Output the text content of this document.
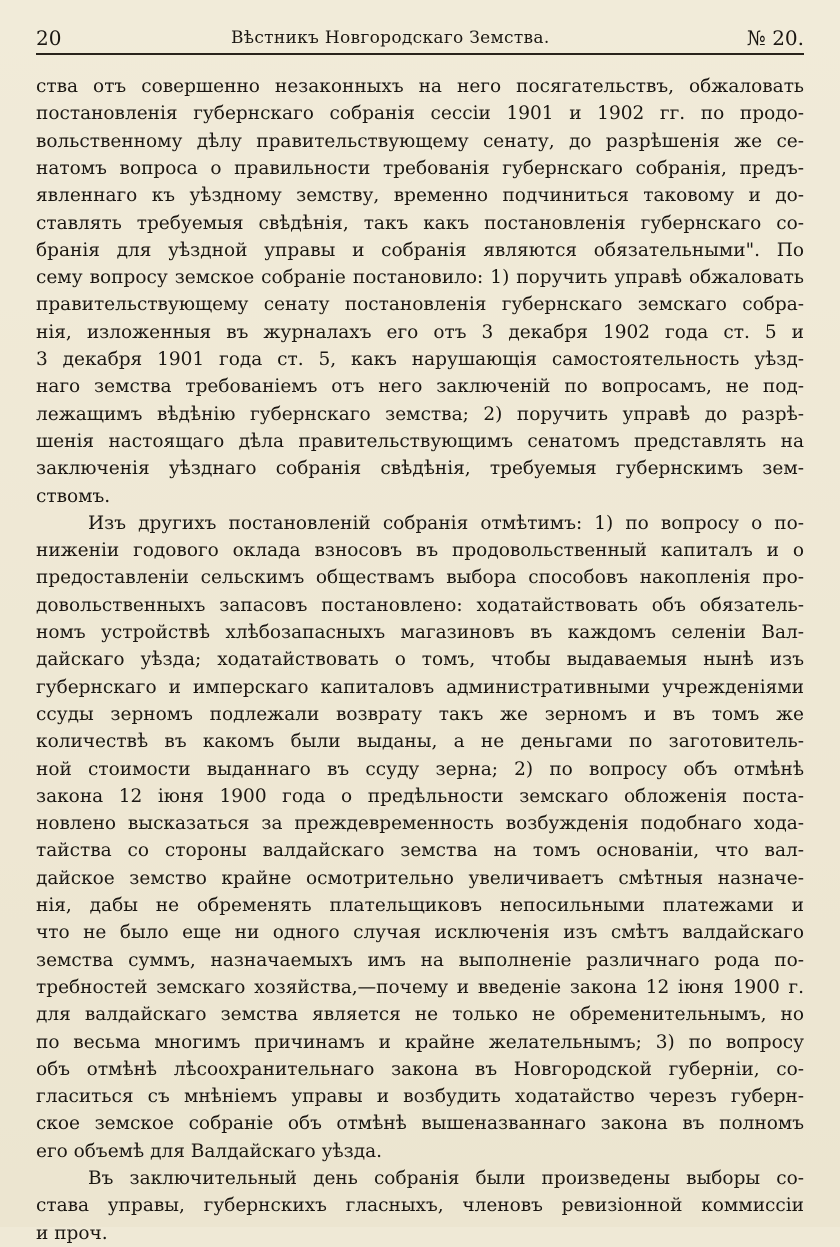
20	Вѣстникъ Новгородскаго Земства.	№ 20.
ства отъ совершенно незаконныхъ на него посягательствъ, обжаловать
постановленія губернскаго собранія сессіи 1901 и 1902 гг. по продо-
вольственному дѣлу правительствующему сенату, до разрѣшенія же се-
натомъ вопроса о правильности требованія губернскаго собранія, предъ-
явленнаго къ уѣздному земству, временно подчиниться таковому и до-
ставлять требуемыя свѣдѣнія, такъ какъ постановленія губернскаго со-
бранія для уѣздной управы и собранія являются обязательными". По
сему вопросу земское собраніе постановило: 1) поручить управѣ обжаловать
правительствующему сенату постановленія губернскаго земскаго собра-
нія, изложенныя въ журналахъ его отъ 3 декабря 1902 года ст. 5 и
3 декабря 1901 года ст. 5, какъ нарушающія самостоятельность уѣзд-
наго земства требованіемъ отъ него заключеній по вопросамъ, не под-
лежащимъ вѣдѣнію губернскаго земства; 2) поручить управѣ до разрѣ-
шенія настоящаго дѣла правительствующимъ сенатомъ представлять на
заключенія уѣзднаго собранія свѣдѣнія, требуемыя губернскимъ зем-
ствомъ.
Изъ другихъ постановленій собранія отмѣтимъ: 1) по вопросу о по-
ниженіи годового оклада взносовъ въ продовольственный капиталъ и о
предоставленіи сельскимъ обществамъ выбора способовъ накопленія про-
довольственныхъ запасовъ постановлено: ходатайствовать объ обязатель-
номъ устройствѣ хлѣбозапасныхъ магазиновъ въ каждомъ селеніи Вал-
дайскаго уѣзда; ходатайствовать о томъ, чтобы выдаваемыя нынѣ изъ
губернскаго и имперскаго капиталовъ административными учрежденіями
ссуды зерномъ подлежали возврату такъ же зерномъ и въ томъ же
количествѣ въ какомъ были выданы, а не деньгами по заготовитель-
ной стоимости выданнаго въ ссуду зерна; 2) по вопросу объ отмѣнѣ
закона 12 іюня 1900 года о предѣльности земскаго обложенія поста-
новлено высказаться за преждевременность возбужденія подобнаго хода-
тайства со стороны валдайскаго земства на томъ основаніи, что вал-
дайское земство крайне осмотрительно увеличиваетъ смѣтныя назначе-
нія, дабы не обременять плательщиковъ непосильными платежами и
что не было еще ни одного случая исключенія изъ смѣтъ валдайскаго
земства суммъ, назначаемыхъ имъ на выполненіе различнаго рода по-
требностей земскаго хозяйства,—почему и введеніе закона 12 іюня 1900 г.
для валдайскаго земства является не только не обременительнымъ, но
по весьма многимъ причинамъ и крайне желательнымъ; 3) по вопросу
объ отмѣнѣ лѣсоохранительнаго закона въ Новгородской губерніи, со-
гласиться съ мнѣніемъ управы и возбудить ходатайство черезъ губерн-
ское земское собраніе объ отмѣнѣ вышеназваннаго закона въ полномъ
его объемѣ для Валдайскаго уѣзда.
Въ заключительный день собранія были произведены выборы со-
става управы, губернскихъ гласныхъ, членовъ ревизіонной коммиссіи
и проч.
